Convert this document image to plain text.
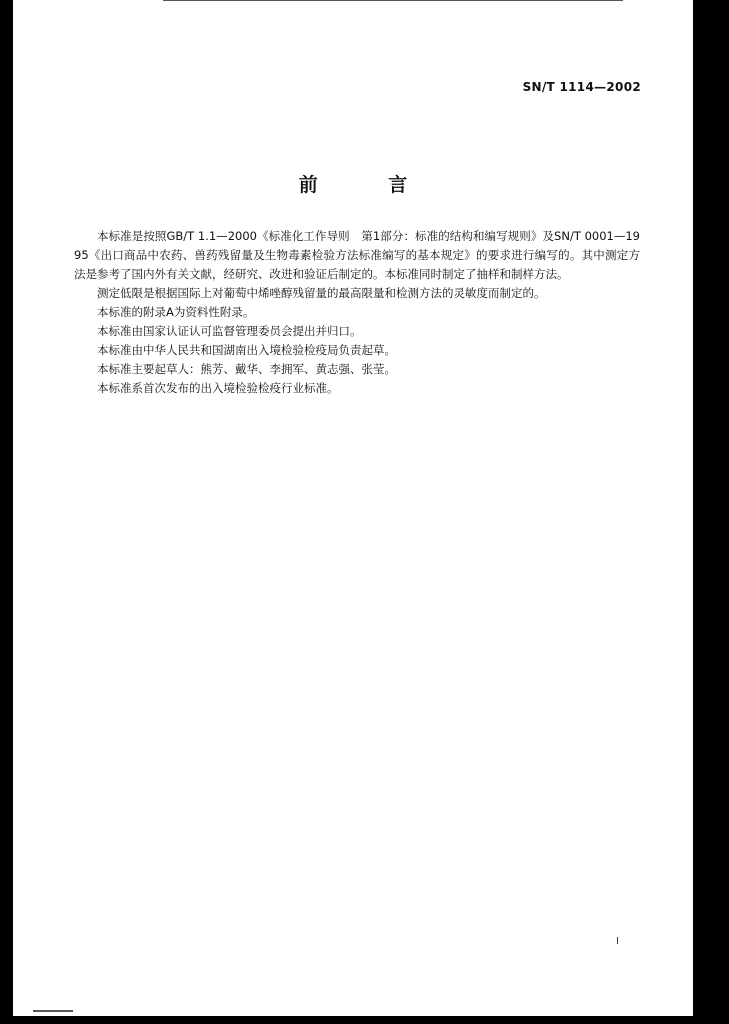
SN/T 1114—2002
前 言

本标准是按照GB/T 1.1—2000《标准化工作导则　第1部分：标准的结构和编写规则》及SN/T 0001—1995《出口商品中农药、兽药残留量及生物毒素检验方法标准编写的基本规定》的要求进行编写的。其中测定方法是参考了国内外有关文献，经研究、改进和验证后制定的。本标准同时制定了抽样和制样方法。

测定低限是根据国际上对葡萄中烯唑醇残留量的最高限量和检测方法的灵敏度而制定的。

本标准的附录A为资料性附录。

本标准由国家认证认可监督管理委员会提出并归口。

本标准由中华人民共和国湖南出入境检验检疫局负责起草。

本标准主要起草人：熊芳、戴华、李拥军、黄志强、张莹。

本标准系首次发布的出入境检验检疫行业标准。

I
